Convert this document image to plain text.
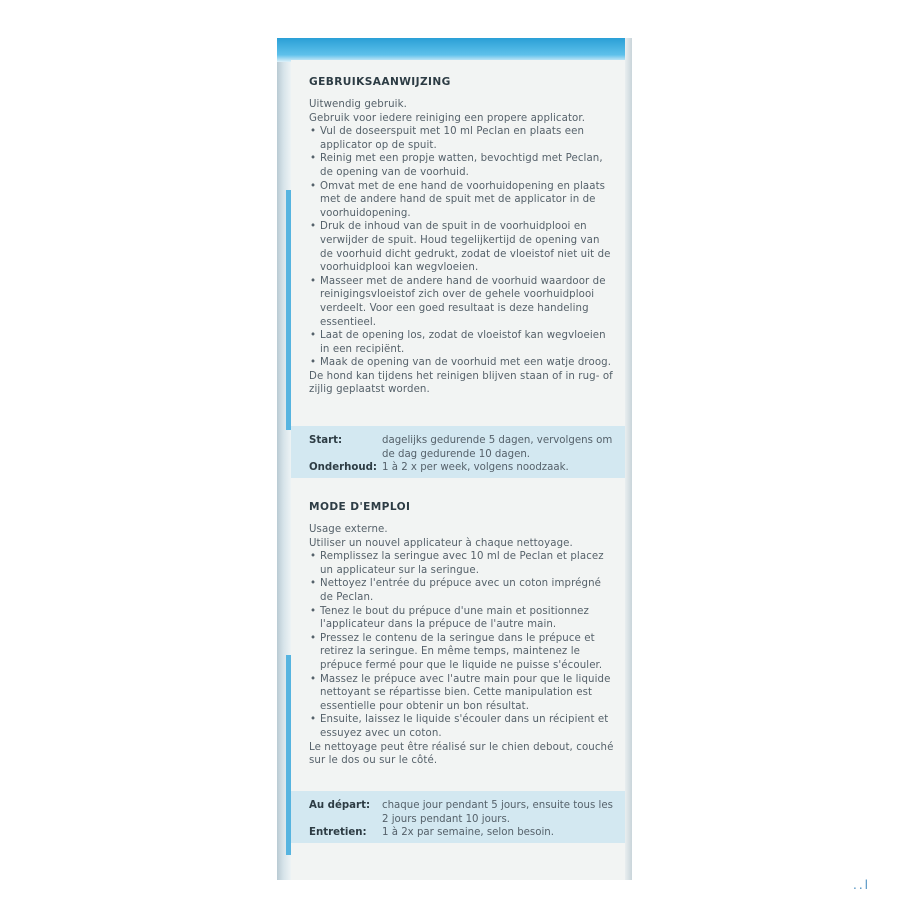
GEBRUIKSAANWIJZING

Uitwendig gebruik.

Gebruik voor iedere reiniging een propere applicator.

• Vul de doseerspuit met 10 ml Peclan en plaats een applicator op de spuit.
• Reinig met een propje watten, bevochtigd met Peclan, de opening van de voorhuid.
• Omvat met de ene hand de voorhuidopening en plaats met de andere hand de spuit met de applicator in de voorhuidopening.
• Druk de inhoud van de spuit in de voorhuidplooi en verwijder de spuit. Houd tegelijkertijd de opening van de voorhuid dicht gedrukt, zodat de vloeistof niet uit de voorhuidplooi kan wegvloeien.
• Masseer met de andere hand de voorhuid waardoor de reinigingsvloeistof zich over de gehele voorhuidplooi verdeelt. Voor een goed resultaat is deze handeling essentieel.
• Laat de opening los, zodat de vloeistof kan wegvloeien in een recipiënt.
• Maak de opening van de voorhuid met een watje droog.

De hond kan tijdens het reinigen blijven staan of in rug- of zijlig geplaatst worden.

Start:	dagelijks gedurende 5 dagen, vervolgens om de dag gedurende 10 dagen.
Onderhoud: 1 à 2 x per week, volgens noodzaak.
MODE D'EMPLOI

Usage externe.

Utiliser un nouvel applicateur à chaque nettoyage.

• Remplissez la seringue avec 10 ml de Peclan et placez un applicateur sur la seringue.
• Nettoyez l'entrée du prépuce avec un coton imprégné de Peclan.
• Tenez le bout du prépuce d'une main et positionnez l'applicateur dans la prépuce de l'autre main.
• Pressez le contenu de la seringue dans le prépuce et retirez la seringue. En même temps, maintenez le prépuce fermé pour que le liquide ne puisse s'écouler.
• Massez le prépuce avec l'autre main pour que le liquide nettoyant se répartisse bien. Cette manipulation est essentielle pour obtenir un bon résultat.
• Ensuite, laissez le liquide s'écouler dans un récipient et essuyez avec un coton.

Le nettoyage peut être réalisé sur le chien debout, couché sur le dos ou sur le côté.

Au départ:	chaque jour pendant 5 jours, ensuite tous les 2 jours pendant 10 jours.
Entretien:	1 à 2x par semaine, selon besoin.
..l
